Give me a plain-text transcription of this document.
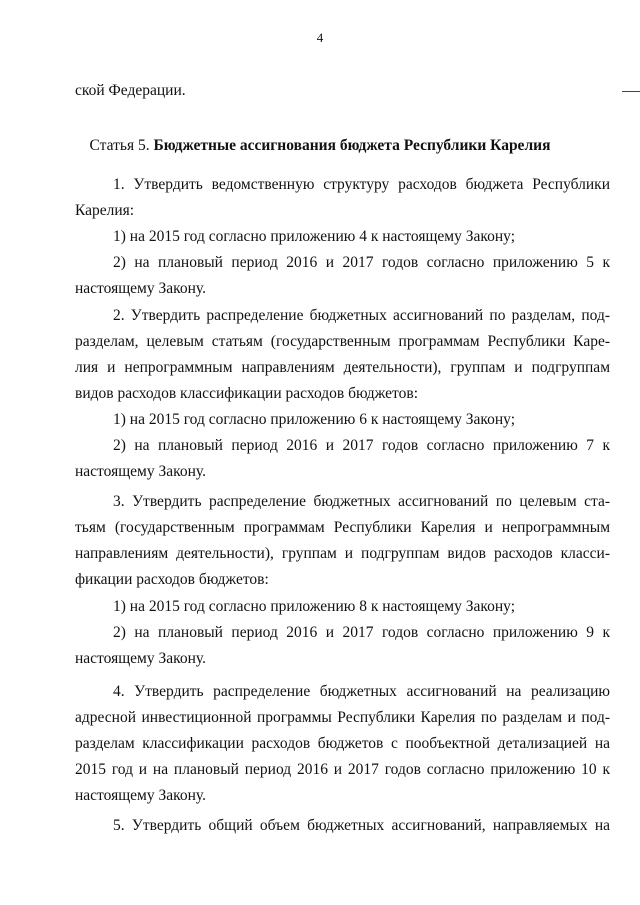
4
ской Федерации.
Статья 5. Бюджетные ассигнования бюджета Республики Карелия
1. Утвердить ведомственную структуру расходов бюджета Республики
Карелия:
1) на 2015 год согласно приложению 4 к настоящему Закону;
2) на плановый период 2016 и 2017 годов согласно приложению 5 к
настоящему Закону.
2. Утвердить распределение бюджетных ассигнований по разделам, под-
разделам, целевым статьям (государственным программам Республики Каре-
лия и непрограммным направлениям деятельности), группам и подгруппам
видов расходов классификации расходов бюджетов:
1) на 2015 год согласно приложению 6 к настоящему Закону;
2) на плановый период 2016 и 2017 годов согласно приложению 7 к
настоящему Закону.
3. Утвердить распределение бюджетных ассигнований по целевым ста-
тьям (государственным программам Республики Карелия и непрограммным
направлениям деятельности), группам и подгруппам видов расходов класси-
фикации расходов бюджетов:
1) на 2015 год согласно приложению 8 к настоящему Закону;
2) на плановый период 2016 и 2017 годов согласно приложению 9 к
настоящему Закону.
4. Утвердить распределение бюджетных ассигнований на реализацию
адресной инвестиционной программы Республики Карелия по разделам и под-
разделам классификации расходов бюджетов с пообъектной детализацией на
2015 год и на плановый период 2016 и 2017 годов согласно приложению 10 к
настоящему Закону.
5. Утвердить общий объем бюджетных ассигнований, направляемых на
